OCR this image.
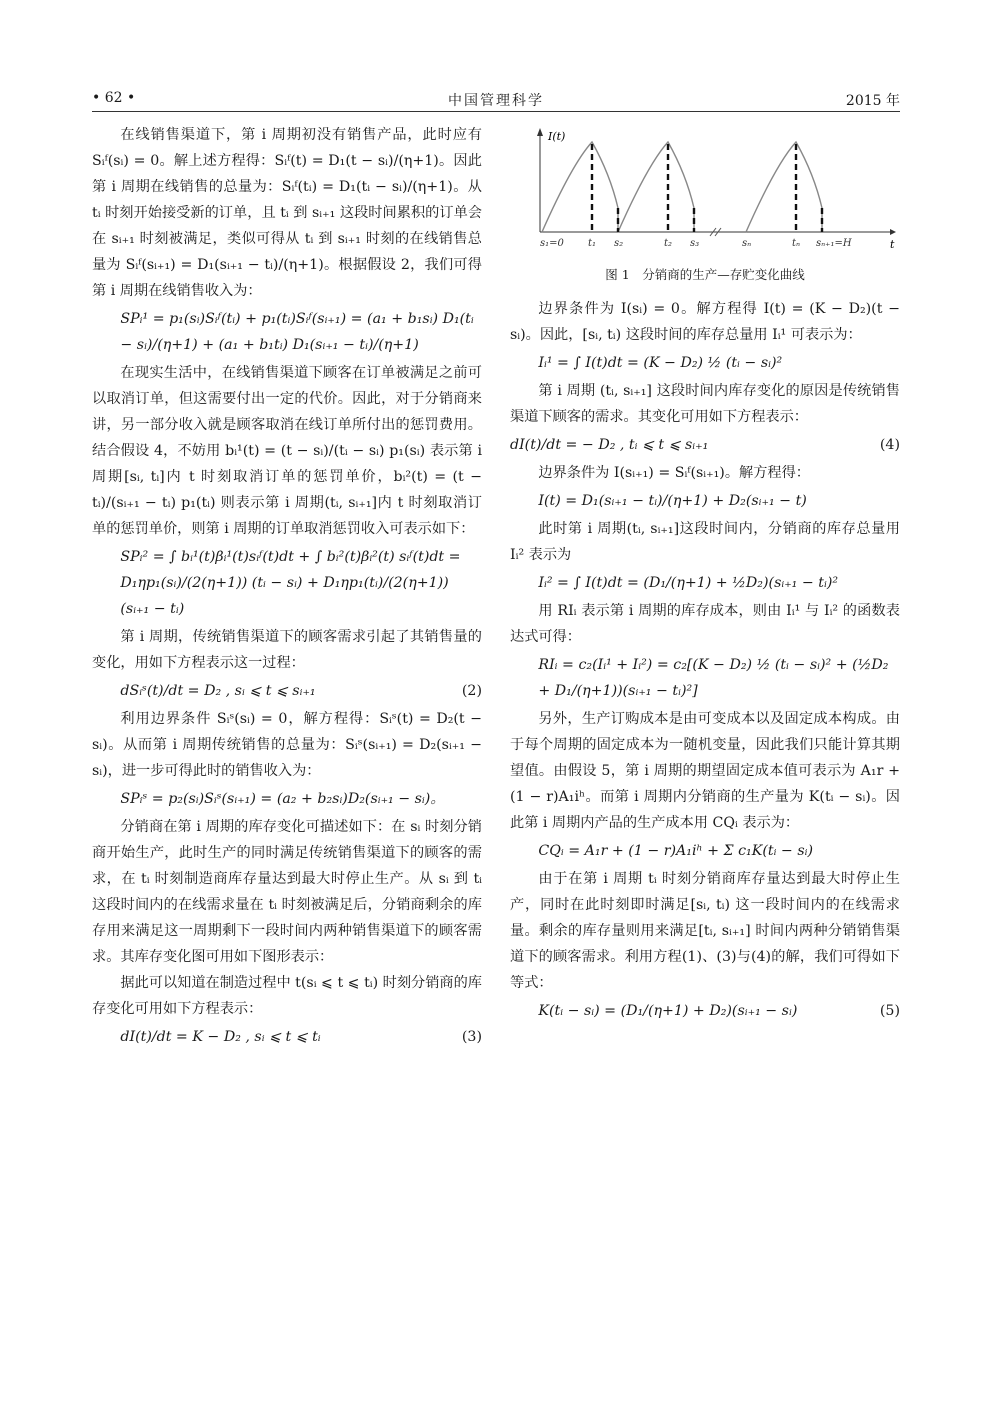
• 62 •	中国管理科学	2015 年

在线销售渠道下，第 i 周期初没有销售产品，此时应有 Sᵢᶠ(sᵢ) = 0。解上述方程得：Sᵢᶠ(t) = D₁(t − sᵢ)/(η+1)。因此第 i 周期在线销售的总量为：Sᵢᶠ(tᵢ) = D₁(tᵢ − sᵢ)/(η+1)。从 tᵢ 时刻开始接受新的订单，且 tᵢ 到 sᵢ₊₁ 这段时间累积的订单会在 sᵢ₊₁ 时刻被满足，类似可得从 tᵢ 到 sᵢ₊₁ 时刻的在线销售总量为 Sᵢᶠ(sᵢ₊₁) = D₁(sᵢ₊₁ − tᵢ)/(η+1)。根据假设 2，我们可得第 i 周期在线销售收入为：

SPᵢ¹ = p₁(sᵢ)Sᵢᶠ(tᵢ) + p₁(tᵢ)Sᵢᶠ(sᵢ₊₁) = (a₁ + b₁sᵢ) D₁(tᵢ − sᵢ)/(η+1) + (a₁ + b₁tᵢ) D₁(sᵢ₊₁ − tᵢ)/(η+1)

在现实生活中，在线销售渠道下顾客在订单被满足之前可以取消订单，但这需要付出一定的代价。因此，对于分销商来讲，另一部分收入就是顾客取消在线订单所付出的惩罚费用。结合假设 4，不妨用 bᵢ¹(t) = (t − sᵢ)/(tᵢ − sᵢ) p₁(sᵢ) 表示第 i 周期[sᵢ, tᵢ]内 t 时刻取消订单的惩罚单价，bᵢ²(t) = (t − tᵢ)/(sᵢ₊₁ − tᵢ) p₁(tᵢ) 则表示第 i 周期(tᵢ, sᵢ₊₁]内 t 时刻取消订单的惩罚单价，则第 i 周期的订单取消惩罚收入可表示如下：

SPᵢ² = ∫ bᵢ¹(t)βᵢ¹(t)sᵢᶠ(t)dt + ∫ bᵢ²(t)βᵢ²(t) sᵢᶠ(t)dt = D₁ηp₁(sᵢ)/(2(η+1)) (tᵢ − sᵢ) + D₁ηp₁(tᵢ)/(2(η+1)) (sᵢ₊₁ − tᵢ)

第 i 周期，传统销售渠道下的顾客需求引起了其销售量的变化，用如下方程表示这一过程：

dSᵢˢ(t)/dt = D₂ , sᵢ ⩽ t ⩽ sᵢ₊₁	(2)

利用边界条件 Sᵢˢ(sᵢ) = 0，解方程得：Sᵢˢ(t) = D₂(t − sᵢ)。从而第 i 周期传统销售的总量为：Sᵢˢ(sᵢ₊₁) = D₂(sᵢ₊₁ − sᵢ)，进一步可得此时的销售收入为：

SPᵢˢ = p₂(sᵢ)Sᵢˢ(sᵢ₊₁) = (a₂ + b₂sᵢ)D₂(sᵢ₊₁ − sᵢ)。

分销商在第 i 周期的库存变化可描述如下：在 sᵢ 时刻分销商开始生产，此时生产的同时满足传统销售渠道下的顾客的需求，在 tᵢ 时刻制造商库存量达到最大时停止生产。从 sᵢ 到 tᵢ 这段时间内的在线需求量在 tᵢ 时刻被满足后，分销商剩余的库存用来满足这一周期剩下一段时间内两种销售渠道下的顾客需求。其库存变化图可用如下图形表示：

据此可以知道在制造过程中 t(sᵢ ⩽ t ⩽ tᵢ) 时刻分销商的库存变化可用如下方程表示：

dI(t)/dt = K − D₂ , sᵢ ⩽ t ⩽ tᵢ	(3)
I(t)
t
s₁=0 t₁ s₂	t₂ s₃	sₙ	tₙ sₙ₊₁=H
图 1　分销商的生产—存贮变化曲线

边界条件为 I(sᵢ) = 0。解方程得 I(t) = (K − D₂)(t − sᵢ)。因此，[sᵢ, tᵢ) 这段时间的库存总量用 Iᵢ¹ 可表示为：

Iᵢ¹ = ∫ I(t)dt = (K − D₂) ½ (tᵢ − sᵢ)²

第 i 周期 (tᵢ, sᵢ₊₁] 这段时间内库存变化的原因是传统销售渠道下顾客的需求。其变化可用如下方程表示：

dI(t)/dt = − D₂ , tᵢ ⩽ t ⩽ sᵢ₊₁	(4)

边界条件为 I(sᵢ₊₁) = Sᵢᶠ(sᵢ₊₁)。解方程得：

I(t) = D₁(sᵢ₊₁ − tᵢ)/(η+1) + D₂(sᵢ₊₁ − t)

此时第 i 周期(tᵢ, sᵢ₊₁]这段时间内，分销商的库存总量用 Iᵢ² 表示为

Iᵢ² = ∫ I(t)dt = (D₁/(η+1) + ½D₂)(sᵢ₊₁ − tᵢ)²

用 RIᵢ 表示第 i 周期的库存成本，则由 Iᵢ¹ 与 Iᵢ² 的函数表达式可得：

RIᵢ = c₂(Iᵢ¹ + Iᵢ²) = c₂[(K − D₂) ½ (tᵢ − sᵢ)² + (½D₂ + D₁/(η+1))(sᵢ₊₁ − tᵢ)²]

另外，生产订购成本是由可变成本以及固定成本构成。由于每个周期的固定成本为一随机变量，因此我们只能计算其期望值。由假设 5，第 i 周期的期望固定成本值可表示为 A₁r + (1 − r)A₁iʰ。而第 i 周期内分销商的生产量为 K(tᵢ − sᵢ)。因此第 i 周期内产品的生产成本用 CQᵢ 表示为：

CQᵢ = A₁r + (1 − r)A₁iʰ + Σ c₁K(tᵢ − sᵢ)

由于在第 i 周期 tᵢ 时刻分销商库存量达到最大时停止生产，同时在此时刻即时满足[sᵢ, tᵢ) 这一段时间内的在线需求量。剩余的库存量则用来满足[tᵢ, sᵢ₊₁] 时间内两种分销销售渠道下的顾客需求。利用方程(1)、(3)与(4)的解，我们可得如下等式：

K(tᵢ − sᵢ) = (D₁/(η+1) + D₂)(sᵢ₊₁ − sᵢ)	(5)
